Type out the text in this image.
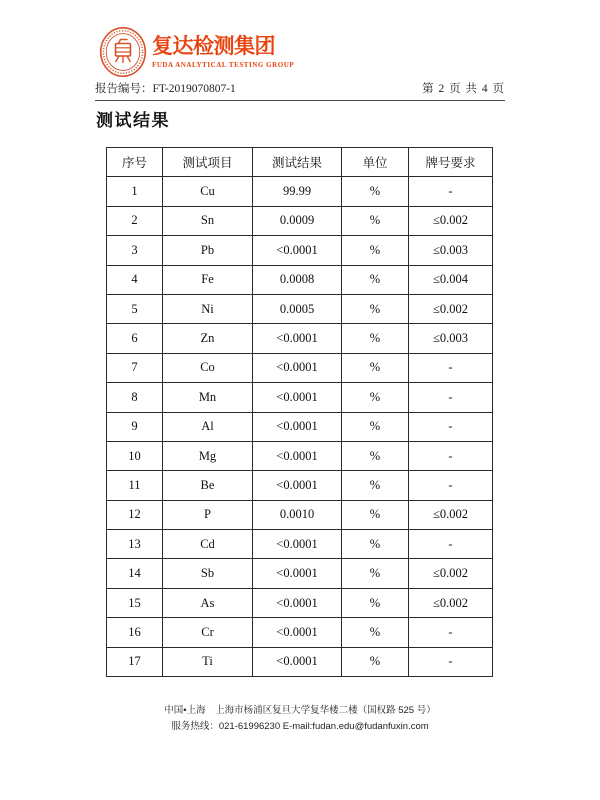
复达检测集团
FUDA ANALYTICAL TESTING GROUP
报告编号：FT-2019070807-1	第 2 页 共 4 页
测试结果
序号	测试项目	测试结果	单位	牌号要求
1	Cu	99.99	%	-
2	Sn	0.0009	%	≤0.002
3	Pb	<0.0001	%	≤0.003
4	Fe	0.0008	%	≤0.004
5	Ni	0.0005	%	≤0.002
6	Zn	<0.0001	%	≤0.003
7	Co	<0.0001	%	-
8	Mn	<0.0001	%	-
9	Al	<0.0001	%	-
10	Mg	<0.0001	%	-
11	Be	<0.0001	%	-
12	P	0.0010	%	≤0.002
13	Cd	<0.0001	%	-
14	Sb	<0.0001	%	≤0.002
15	As	<0.0001	%	≤0.002
16	Cr	<0.0001	%	-
17	Ti	<0.0001	%	-
中国•上海　上海市杨浦区复旦大学复华楼二楼（国权路 525 号）
服务热线：021-61996230 E-mail:fudan.edu@fudanfuxin.com
